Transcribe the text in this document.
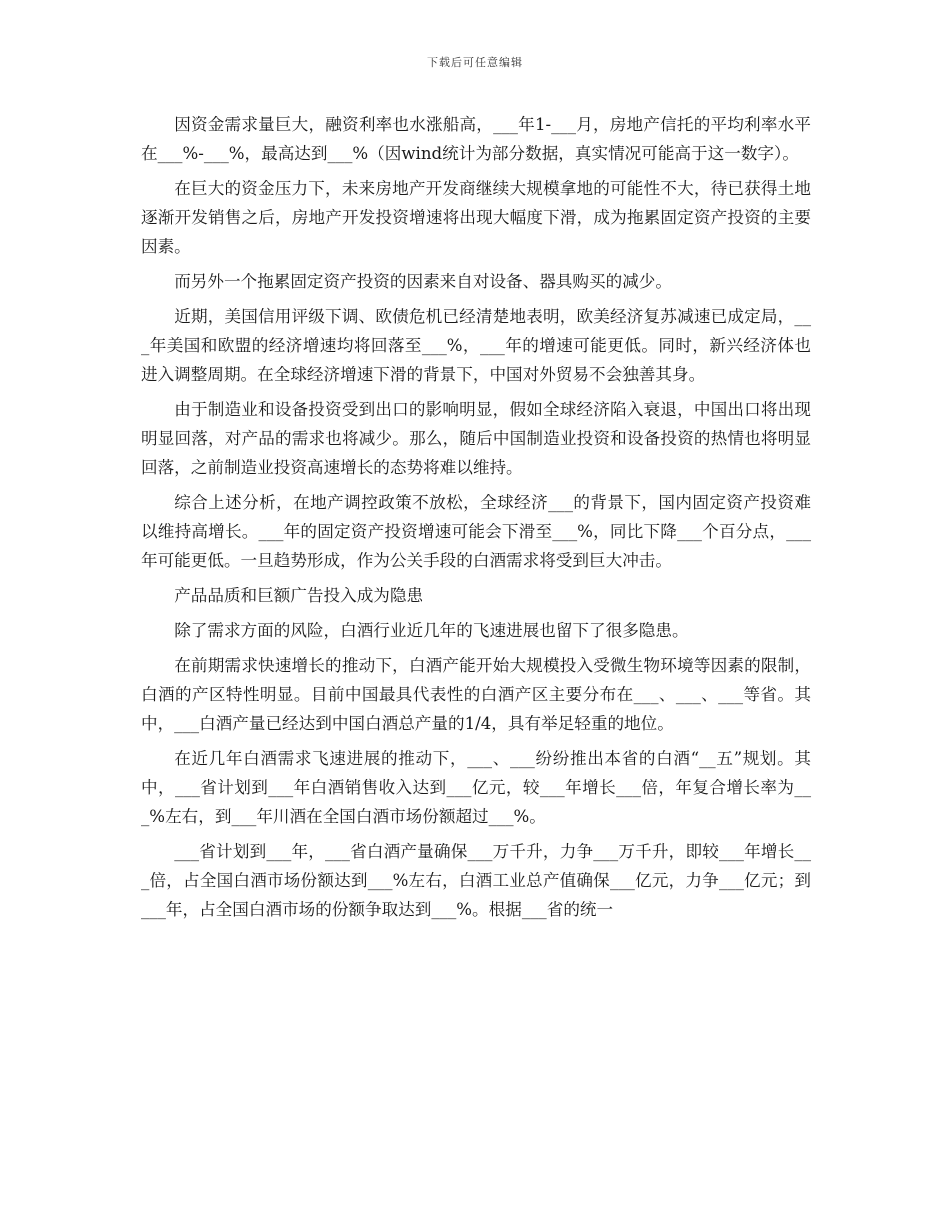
下载后可任意编辑

因资金需求量巨大，融资利率也水涨船高，___年1-___月，房地产信托的平均利率水平在___%-___%，最高达到___%（因wind统计为部分数据，真实情况可能高于这一数字）。

在巨大的资金压力下，未来房地产开发商继续大规模拿地的可能性不大，待已获得土地逐渐开发销售之后，房地产开发投资增速将出现大幅度下滑，成为拖累固定资产投资的主要因素。

而另外一个拖累固定资产投资的因素来自对设备、器具购买的减少。

近期，美国信用评级下调、欧债危机已经清楚地表明，欧美经济复苏减速已成定局，___年美国和欧盟的经济增速均将回落至___%，___年的增速可能更低。同时，新兴经济体也进入调整周期。在全球经济增速下滑的背景下，中国对外贸易不会独善其身。

由于制造业和设备投资受到出口的影响明显，假如全球经济陷入衰退，中国出口将出现明显回落，对产品的需求也将减少。那么，随后中国制造业投资和设备投资的热情也将明显回落，之前制造业投资高速增长的态势将难以维持。

综合上述分析，在地产调控政策不放松，全球经济___的背景下，国内固定资产投资难以维持高增长。___年的固定资产投资增速可能会下滑至___%，同比下降___个百分点，___年可能更低。一旦趋势形成，作为公关手段的白酒需求将受到巨大冲击。

产品品质和巨额广告投入成为隐患

除了需求方面的风险，白酒行业近几年的飞速进展也留下了很多隐患。

在前期需求快速增长的推动下，白酒产能开始大规模投入受微生物环境等因素的限制，白酒的产区特性明显。目前中国最具代表性的白酒产区主要分布在___、___、___等省。其中，___白酒产量已经达到中国白酒总产量的1/4，具有举足轻重的地位。

在近几年白酒需求飞速进展的推动下，___、___纷纷推出本省的白酒“__五”规划。其中，___省计划到___年白酒销售收入达到___亿元，较___年增长___倍，年复合增长率为___%左右，到___年川酒在全国白酒市场份额超过___%。

___省计划到___年，___省白酒产量确保___万千升，力争___万千升，即较___年增长___倍，占全国白酒市场份额达到___%左右，白酒工业总产值确保___亿元，力争___亿元；到___年，占全国白酒市场的份额争取达到___%。根据___省的统一
